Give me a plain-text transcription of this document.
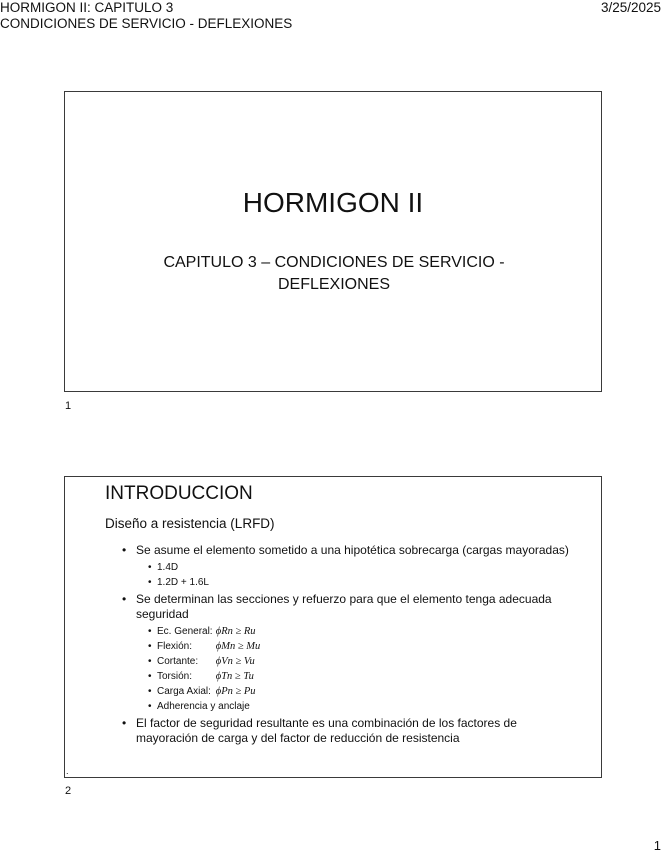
HORMIGON II: CAPITULO 3
CONDICIONES DE SERVICIO - DEFLEXIONES
3/25/2025
HORMIGON II
CAPITULO 3 – CONDICIONES DE SERVICIO - DEFLEXIONES
1
INTRODUCCION
Diseño a resistencia (LRFD)
• Se asume el elemento sometido a una hipotética sobrecarga (cargas mayoradas)
• 1.4D
• 1.2D + 1.6L
• Se determinan las secciones y refuerzo para que el elemento tenga adecuada seguridad
• Ec. General: ϕRn ≥ Ru
• Flexión: ϕMn ≥ Mu
• Cortante: ϕVn ≥ Vu
• Torsión: ϕTn ≥ Tu
• Carga Axial: ϕPn ≥ Pu
• Adherencia y anclaje
• El factor de seguridad resultante es una combinación de los factores de mayoración de carga y del factor de reducción de resistencia
.
2
1
